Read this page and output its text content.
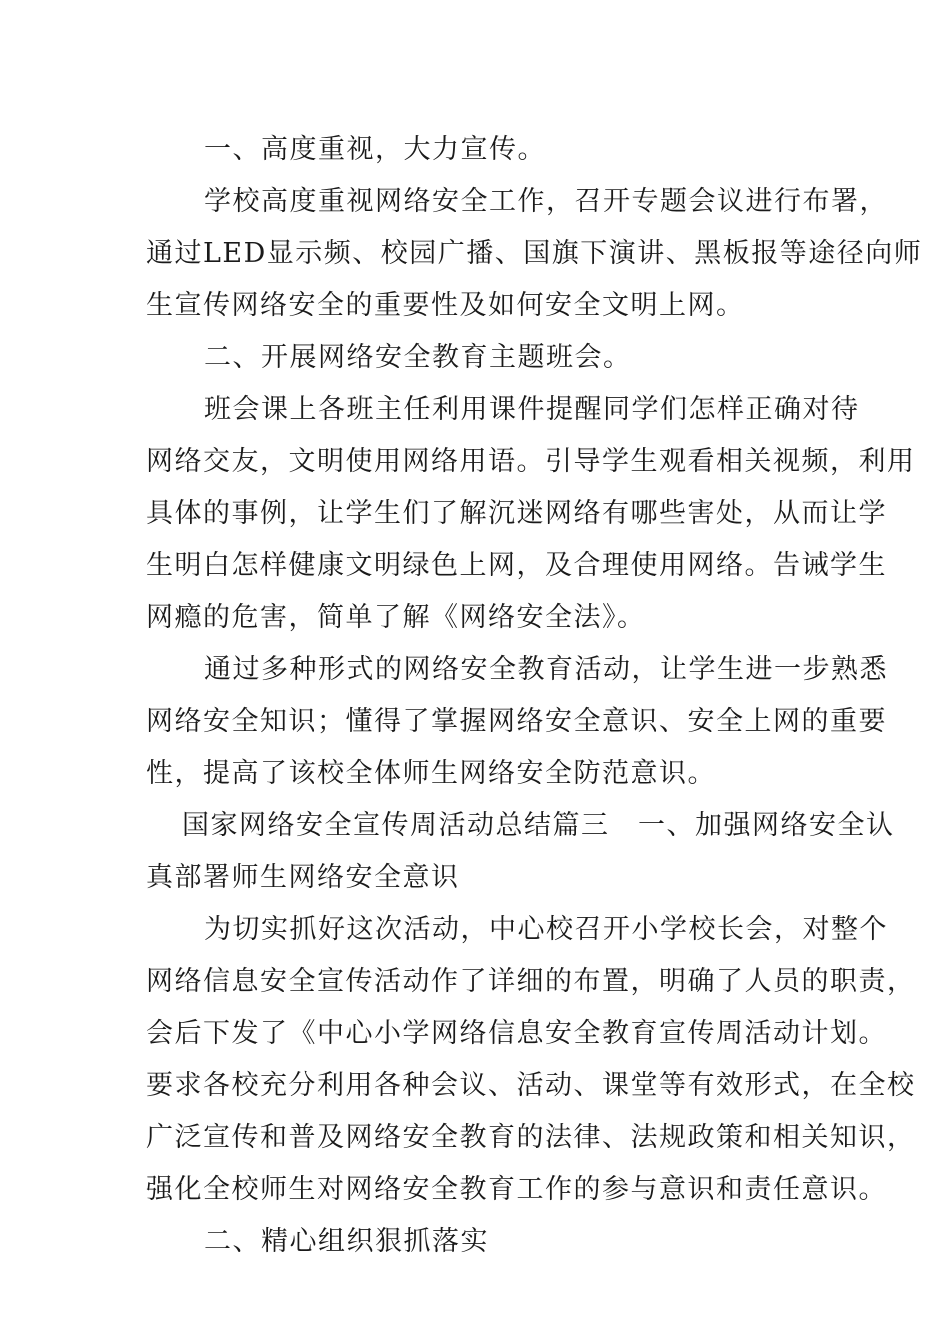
一、高度重视，大力宣传。
学校高度重视网络安全工作，召开专题会议进行布署，
通过LED显示频、校园广播、国旗下演讲、黑板报等途径向师
生宣传网络安全的重要性及如何安全文明上网。
二、开展网络安全教育主题班会。
班会课上各班主任利用课件提醒同学们怎样正确对待
网络交友，文明使用网络用语。引导学生观看相关视频，利用
具体的事例，让学生们了解沉迷网络有哪些害处，从而让学
生明白怎样健康文明绿色上网，及合理使用网络。告诫学生
网瘾的危害，简单了解《网络安全法》。
通过多种形式的网络安全教育活动，让学生进一步熟悉
网络安全知识；懂得了掌握网络安全意识、安全上网的重要
性，提高了该校全体师生网络安全防范意识。
国家网络安全宣传周活动总结篇三　一、加强网络安全认
真部署师生网络安全意识
为切实抓好这次活动，中心校召开小学校长会，对整个
网络信息安全宣传活动作了详细的布置，明确了人员的职责，
会后下发了《中心小学网络信息安全教育宣传周活动计划。
要求各校充分利用各种会议、活动、课堂等有效形式，在全校
广泛宣传和普及网络安全教育的法律、法规政策和相关知识，
强化全校师生对网络安全教育工作的参与意识和责任意识。
二、精心组织狠抓落实
